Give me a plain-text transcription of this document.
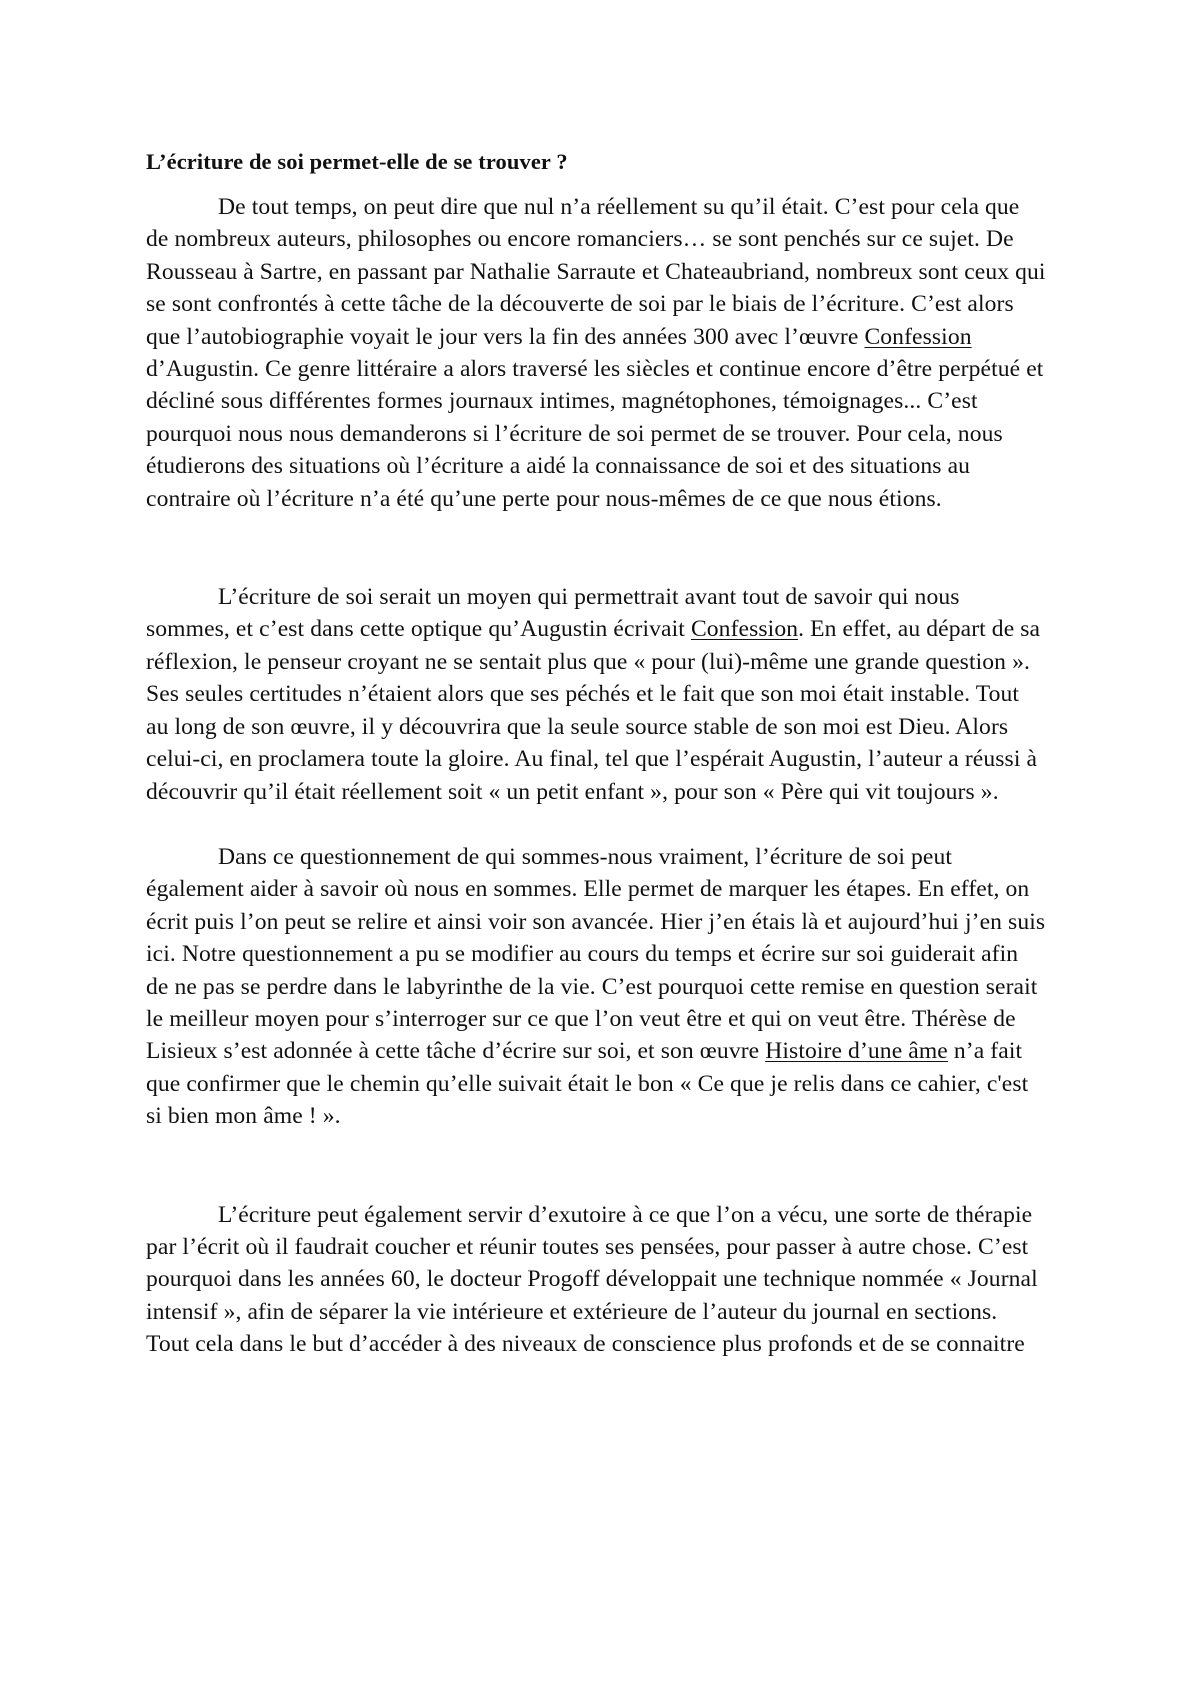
L’écriture de soi permet-elle de se trouver ?

De tout temps, on peut dire que nul n’a réellement su qu’il était. C’est pour cela que de nombreux auteurs, philosophes ou encore romanciers… se sont penchés sur ce sujet. De Rousseau à Sartre, en passant par Nathalie Sarraute et Chateaubriand, nombreux sont ceux qui se sont confrontés à cette tâche de la découverte de soi par le biais de l’écriture. C’est alors que l’autobiographie voyait le jour vers la fin des années 300 avec l’œuvre Confession d’Augustin. Ce genre littéraire a alors traversé les siècles et continue encore d’être perpétué et décliné sous différentes formes journaux intimes, magnétophones, témoignages... C’est pourquoi nous nous demanderons si l’écriture de soi permet de se trouver. Pour cela, nous étudierons des situations où l’écriture a aidé la connaissance de soi et des situations au contraire où l’écriture n’a été qu’une perte pour nous-mêmes de ce que nous étions.

L’écriture de soi serait un moyen qui permettrait avant tout de savoir qui nous sommes, et c’est dans cette optique qu’Augustin écrivait Confession. En effet, au départ de sa réflexion, le penseur croyant ne se sentait plus que « pour (lui)-même une grande question ». Ses seules certitudes n’étaient alors que ses péchés et le fait que son moi était instable. Tout au long de son œuvre, il y découvrira que la seule source stable de son moi est Dieu. Alors celui-ci, en proclamera toute la gloire. Au final, tel que l’espérait Augustin, l’auteur a réussi à découvrir qu’il était réellement soit « un petit enfant », pour son « Père qui vit toujours ».

Dans ce questionnement de qui sommes-nous vraiment, l’écriture de soi peut également aider à savoir où nous en sommes. Elle permet de marquer les étapes. En effet, on écrit puis l’on peut se relire et ainsi voir son avancée. Hier j’en étais là et aujourd’hui j’en suis ici. Notre questionnement a pu se modifier au cours du temps et écrire sur soi guiderait afin de ne pas se perdre dans le labyrinthe de la vie. C’est pourquoi cette remise en question serait le meilleur moyen pour s’interroger sur ce que l’on veut être et qui on veut être. Thérèse de Lisieux s’est adonnée à cette tâche d’écrire sur soi, et son œuvre Histoire d’une âme n’a fait que confirmer que le chemin qu’elle suivait était le bon « Ce que je relis dans ce cahier, c'est si bien mon âme ! ».

L’écriture peut également servir d’exutoire à ce que l’on a vécu, une sorte de thérapie par l’écrit où il faudrait coucher et réunir toutes ses pensées, pour passer à autre chose. C’est pourquoi dans les années 60, le docteur Progoff développait une technique nommée « Journal intensif », afin de séparer la vie intérieure et extérieure de l’auteur du journal en sections. Tout cela dans le but d’accéder à des niveaux de conscience plus profonds et de se connaitre
